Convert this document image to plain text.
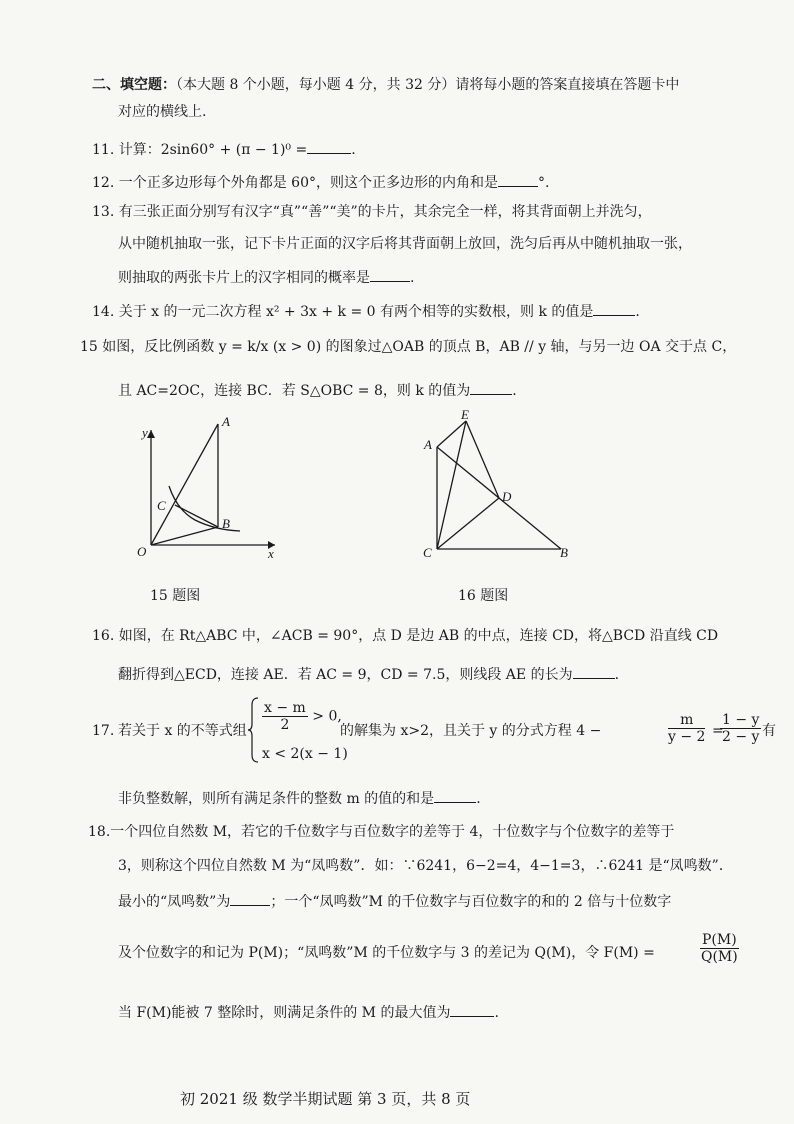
二、填空题：（本大题 8 个小题，每小题 4 分，共 32 分）请将每小题的答案直接填在答题卡中
对应的横线上.
11. 计算：2sin60° + (π − 1)⁰ =	.
12. 一个正多边形每个外角都是 60°，则这个正多边形的内角和是	°.
13. 有三张正面分别写有汉字“真”“善”“美”的卡片，其余完全一样，将其背面朝上并洗匀，
从中随机抽取一张，记下卡片正面的汉字后将其背面朝上放回，洗匀后再从中随机抽取一张，
则抽取的两张卡片上的汉字相同的概率是	.
14. 关于 x 的一元二次方程 x² + 3x + k = 0 有两个相等的实数根，则 k 的值是	.
15 如图，反比例函数 y = k/x (x > 0) 的图象过△OAB 的顶点 B，AB // y 轴，与另一边 OA 交于点 C，
且 AC=2OC，连接 BC．若 S△OBC = 8，则 k 的值为	.
y
x
O
A
B
C
15 题图
E
A
D
C	B
16 题图
16. 如图，在 Rt△ABC 中，∠ACB = 90°，点 D 是边 AB 的中点，连接 CD，将△BCD 沿直线 CD
翻折得到△ECD，连接 AE．若 AC = 9，CD = 7.5，则线段 AE 的长为	.
17. 若关于 x 的不等式组 $\frac{x - m}{2} > 0$,
x < 2(x − 1)
的解集为 x>2，且关于 y 的分式方程 4 −	$\frac{m}{y - 2}$ =
$\frac{1 - y}{2 - y}$ 有
非负整数解，则所有满足条件的整数 m 的值的和是	.
18.一个四位自然数 M，若它的千位数字与百位数字的差等于 4，十位数字与个位数字的差等于
3，则称这个四位自然数 M 为“凤鸣数”．如：∵6241，6−2=4，4−1=3，∴6241 是“凤鸣数”．
最小的“凤鸣数”为	；一个“凤鸣数”M 的千位数字与百位数字的和的 2 倍与十位数字
及个位数字的和记为 P(M)；“凤鸣数”M 的千位数字与 3 的差记为 Q(M)，令 F(M) =	$\frac{P(M)}{Q(M)}$
当 F(M)能被 7 整除时，则满足条件的 M 的最大值为	.
初 2021 级 数学半期试题 第 3 页，共 8 页
